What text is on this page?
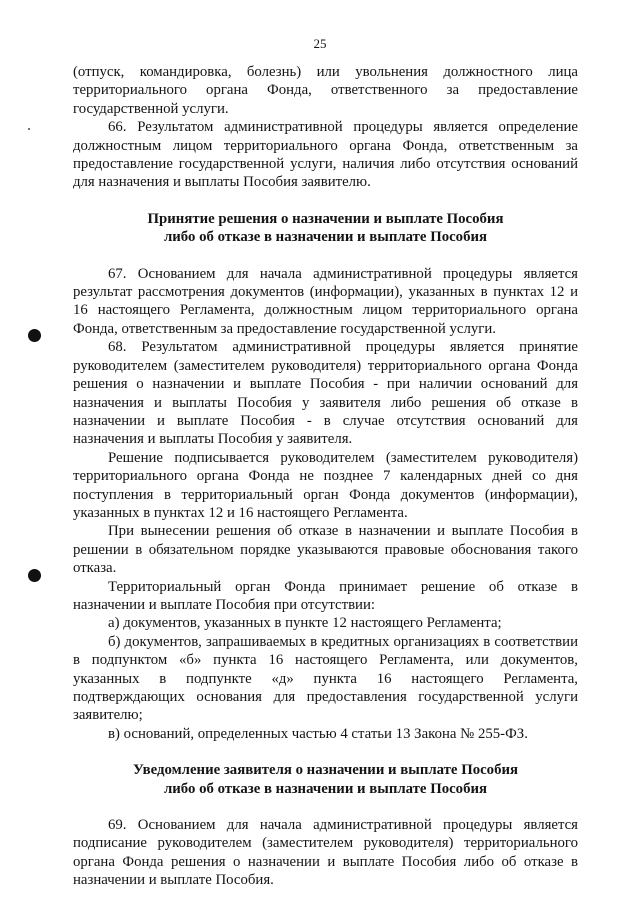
25

(отпуск, командировка, болезнь) или увольнения должностного лица территориального органа Фонда, ответственного за предоставление государственной услуги.

66. Результатом административной процедуры является определение должностным лицом территориального органа Фонда, ответственным за предоставление государственной услуги, наличия либо отсутствия оснований для назначения и выплаты Пособия заявителю.

Принятие решения о назначении и выплате Пособия
либо об отказе в назначении и выплате Пособия

67. Основанием для начала административной процедуры является результат рассмотрения документов (информации), указанных в пунктах 12 и 16 настоящего Регламента, должностным лицом территориального органа Фонда, ответственным за предоставление государственной услуги.

68. Результатом административной процедуры является принятие руководителем (заместителем руководителя) территориального органа Фонда решения о назначении и выплате Пособия - при наличии оснований для назначения и выплаты Пособия у заявителя либо решения об отказе в назначении и выплате Пособия - в случае отсутствия оснований для назначения и выплаты Пособия у заявителя.

Решение подписывается руководителем (заместителем руководителя) территориального органа Фонда не позднее 7 календарных дней со дня поступления в территориальный орган Фонда документов (информации), указанных в пунктах 12 и 16 настоящего Регламента.

При вынесении решения об отказе в назначении и выплате Пособия в решении в обязательном порядке указываются правовые обоснования такого отказа.

Территориальный орган Фонда принимает решение об отказе в назначении и выплате Пособия при отсутствии:

а) документов, указанных в пункте 12 настоящего Регламента;

б) документов, запрашиваемых в кредитных организациях в соответствии в подпунктом «б» пункта 16 настоящего Регламента, или документов, указанных в подпункте «д» пункта 16 настоящего Регламента, подтверждающих основания для предоставления государственной услуги заявителю;

в) оснований, определенных частью 4 статьи 13 Закона № 255-ФЗ.

Уведомление заявителя о назначении и выплате Пособия
либо об отказе в назначении и выплате Пособия

69. Основанием для начала административной процедуры является подписание руководителем (заместителем руководителя) территориального органа Фонда решения о назначении и выплате Пособия либо об отказе в назначении и выплате Пособия.
